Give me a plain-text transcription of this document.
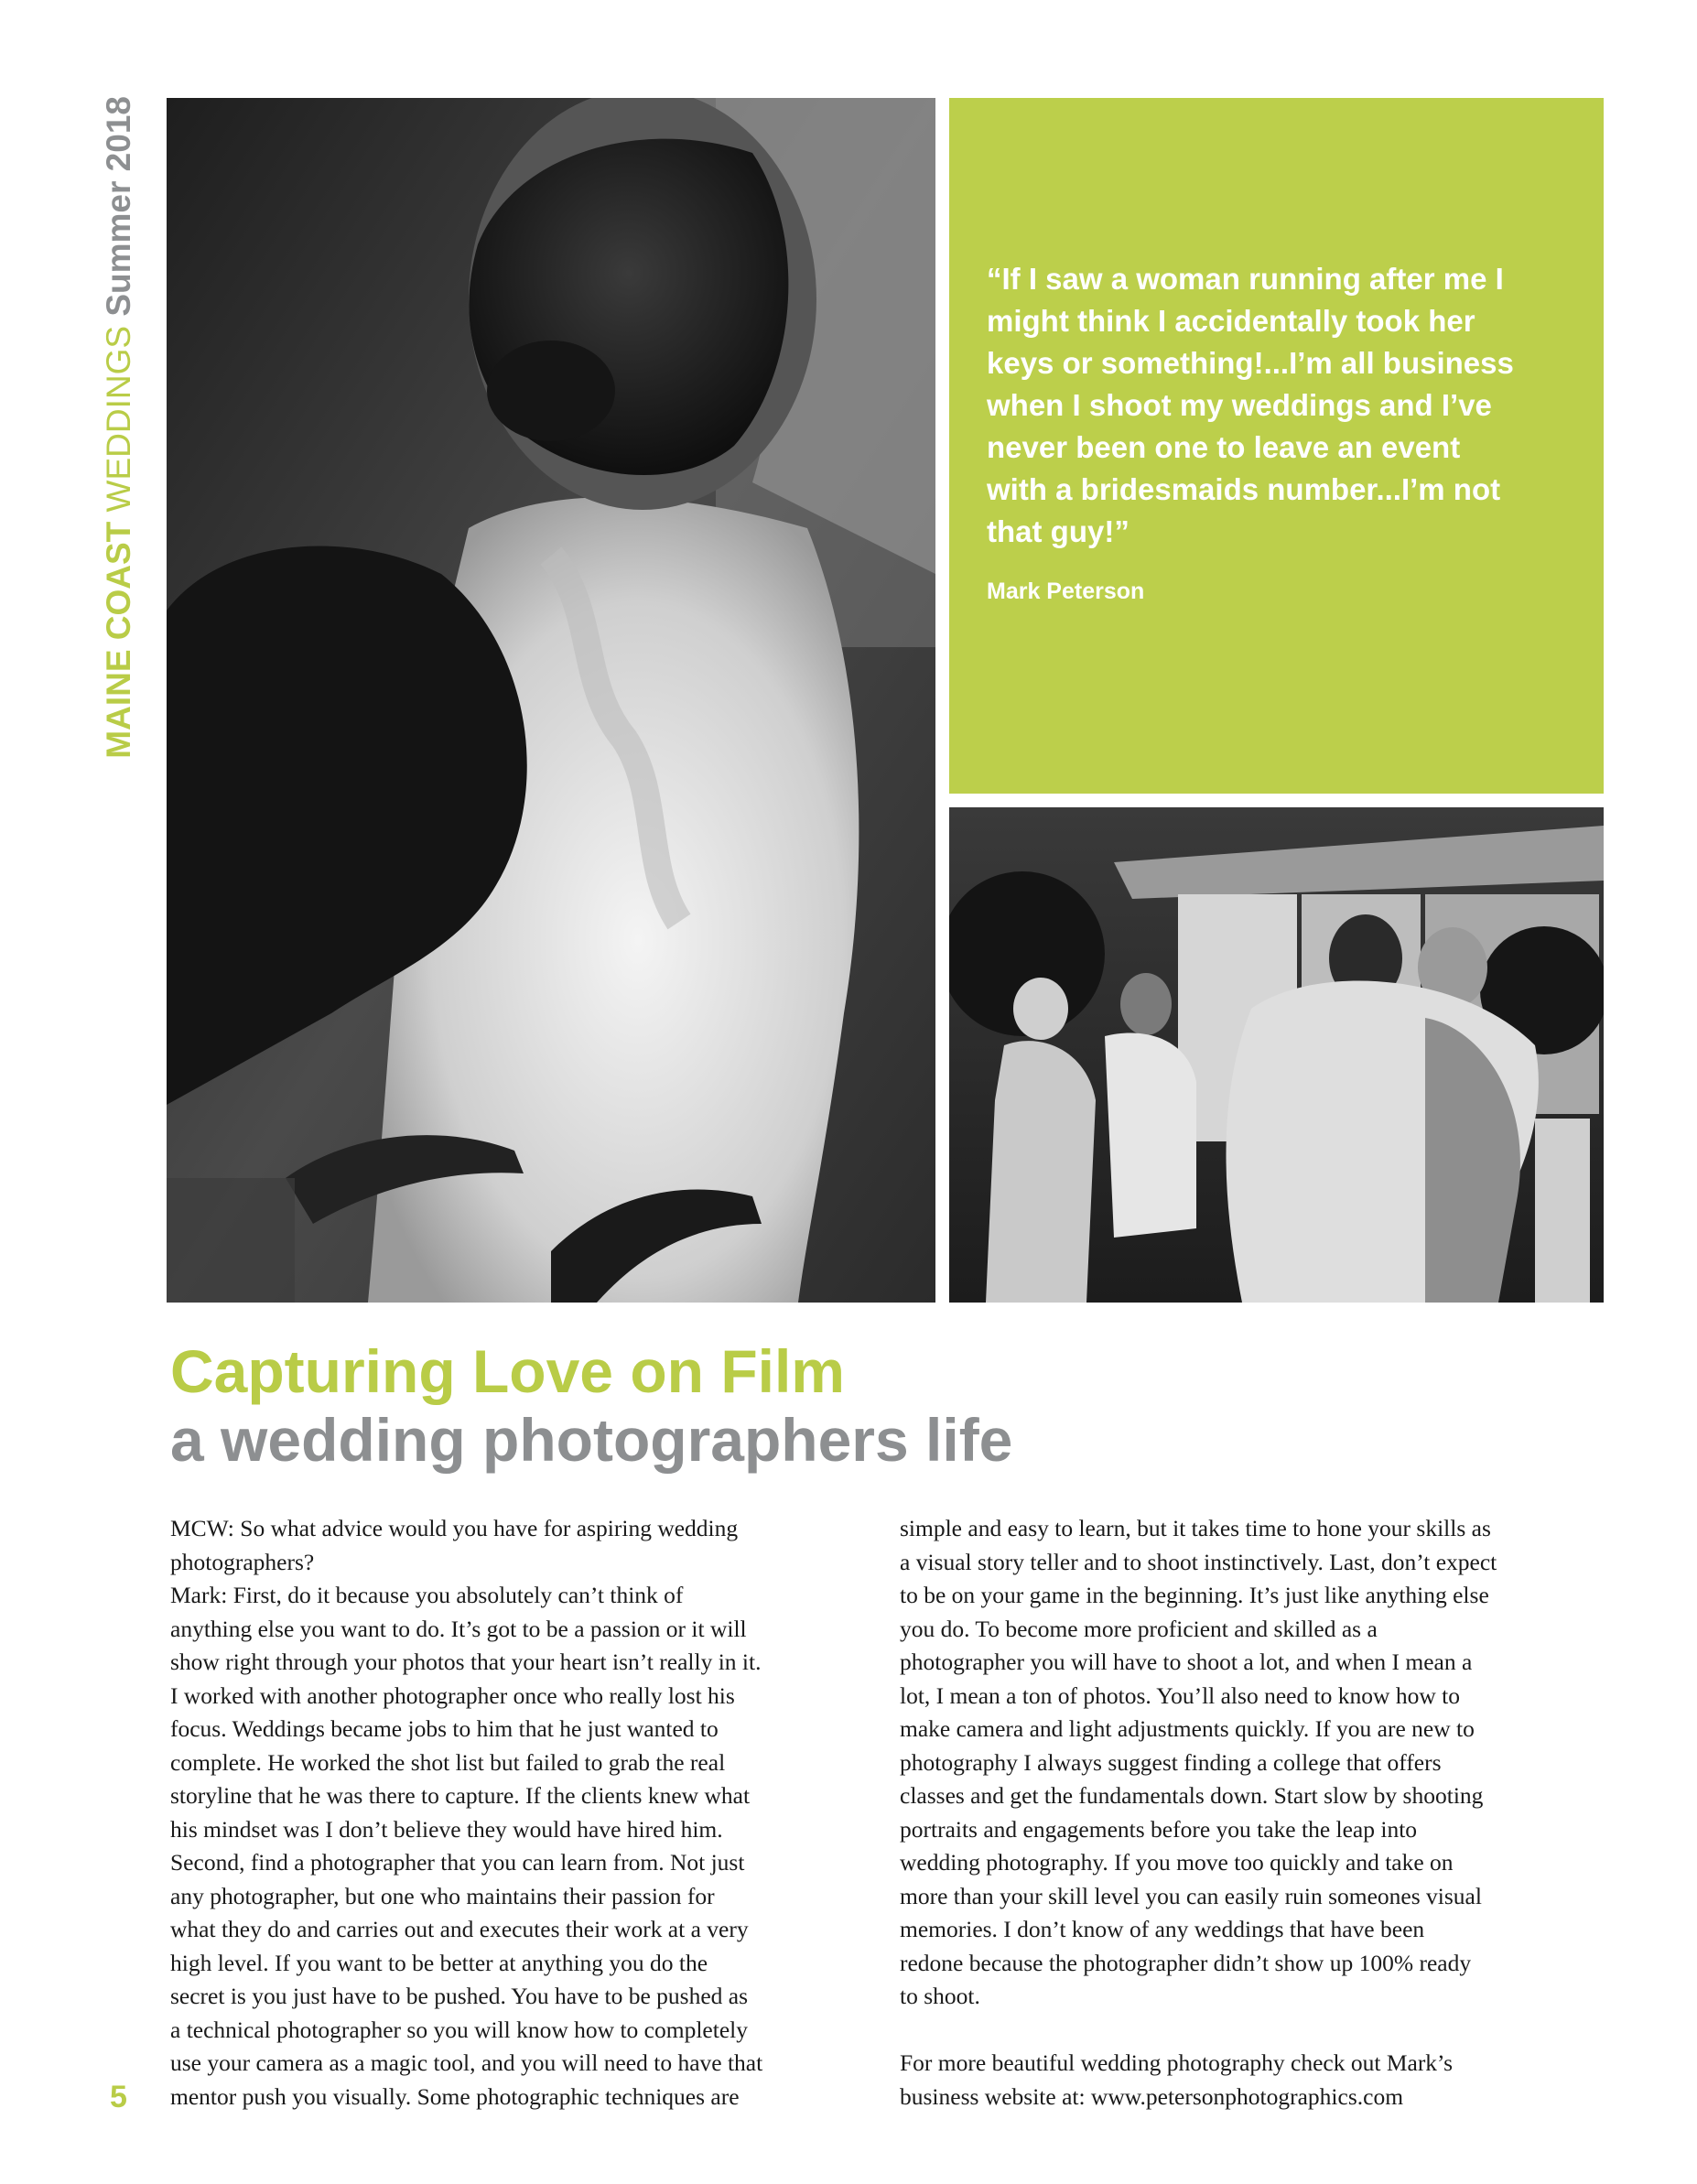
MAINE COAST WEDDINGS Summer 2018	“If I saw a woman running after me I
might think I accidentally took her
keys or something!...I’m all business
when I shoot my weddings and I’ve
never been one to leave an event
with a bridesmaids number...I’m not
that guy!”

Mark Peterson
Capturing Love on Film
a wedding photographers life
MCW: So what advice would you have for aspiring wedding
photographers?
Mark: First, do it because you absolutely can’t think of
anything else you want to do. It’s got to be a passion or it will
show right through your photos that your heart isn’t really in it.
I worked with another photographer once who really lost his
focus. Weddings became jobs to him that he just wanted to
complete. He worked the shot list but failed to grab the real
storyline that he was there to capture. If the clients knew what
his mindset was I don’t believe they would have hired him.
Second, find a photographer that you can learn from. Not just
any photographer, but one who maintains their passion for
what they do and carries out and executes their work at a very
high level. If you want to be better at anything you do the
secret is you just have to be pushed. You have to be pushed as
a technical photographer so you will know how to completely
use your camera as a magic tool, and you will need to have that
mentor push you visually. Some photographic techniques are
simple and easy to learn, but it takes time to hone your skills as
a visual story teller and to shoot instinctively. Last, don’t expect
to be on your game in the beginning. It’s just like anything else
you do. To become more proficient and skilled as a
photographer you will have to shoot a lot, and when I mean a
lot, I mean a ton of photos. You’ll also need to know how to
make camera and light adjustments quickly. If you are new to
photography I always suggest finding a college that offers
classes and get the fundamentals down. Start slow by shooting
portraits and engagements before you take the leap into
wedding photography. If you move too quickly and take on
more than your skill level you can easily ruin someones visual
memories. I don’t know of any weddings that have been
redone because the photographer didn’t show up 100% ready
to shoot.
For more beautiful wedding photography check out Mark’s
business website at: www.petersonphotographics.com
5
